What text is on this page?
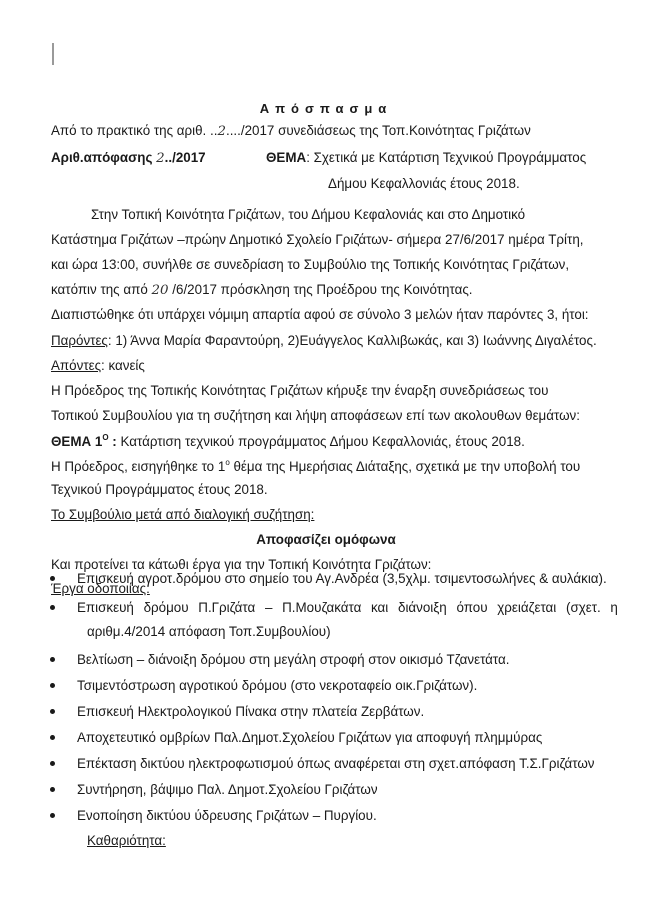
Απόσπασμα
Από το πρακτικό της αριθ. ..2..../2017 συνεδιάσεως της Τοπ.Κοινότητας Γριζάτων
Αριθ.απόφασης 2../2017	ΘΕΜΑ: Σχετικά με Κατάρτιση Τεχνικού Προγράμματος
Δήμου Κεφαλλονιάς έτους 2018.
Στην Τοπική Κοινότητα Γριζάτων, του Δήμου Κεφαλονιάς και στο Δημοτικό
Κατάστημα Γριζάτων –πρώην Δημοτικό Σχολείο Γριζάτων- σήμερα 27/6/2017 ημέρα Τρίτη,
και ώρα 13:00, συνήλθε σε συνεδρίαση το Συμβούλιο της Τοπικής Κοινότητας Γριζάτων,
κατόπιν της από 20 /6/2017 πρόσκληση της Προέδρου της Κοινότητας.
Διαπιστώθηκε ότι υπάρχει νόμιμη απαρτία αφού σε σύνολο 3 μελών ήταν παρόντες 3, ήτοι:
Παρόντες: 1) Άννα Μαρία Φαραντούρη, 2)Ευάγγελος Καλλιβωκάς, και 3) Ιωάννης Διγαλέτος.
Απόντες: κανείς
Η Πρόεδρος της Τοπικής Κοινότητας Γριζάτων κήρυξε την έναρξη συνεδριάσεως του
Τοπικού Συμβουλίου για τη συζήτηση και λήψη αποφάσεων επί των ακολουθων θεμάτων:
ΘΕΜΑ $1^O$ : Κατάρτιση τεχνικού προγράμματος Δήμου Κεφαλλονιάς, έτους 2018.
Η Πρόεδρος, εισηγήθηκε το $1^o$ θέμα της Ημερήσιας Διάταξης, σχετικά με την υποβολή του
Τεχνικού Προγράμματος έτους 2018.
Το Συμβούλιο μετά από διαλογική συζήτηση:
Αποφασίζει ομόφωνα
Και προτείνει τα κάτωθι έργα για την Τοπική Κοινότητα Γριζάτων:
Έργα οδοποιίας:
Επισκευή αγροτ.δρόμου στο σημείο του Αγ.Ανδρέα (3,5χλμ. τσιμεντοσωλήνες & αυλάκια).
Επισκευή δρόμου Π.Γριζάτα – Π.Μουζακάτα και διάνοιξη όπου χρειάζεται (σχετ. η
αριθμ.4/2014 απόφαση Τοπ.Συμβουλίου)
Βελτίωση – διάνοιξη δρόμου στη μεγάλη στροφή στον οικισμό Τζανετάτα.
Τσιμεντόστρωση αγροτικού δρόμου (στο νεκροταφείο οικ.Γριζάτων).
Επισκευή Ηλεκτρολογικού Πίνακα στην πλατεία Ζερβάτων.
Αποχετευτικό ομβρίων Παλ.Δημοτ.Σχολείου Γριζάτων για αποφυγή πλημμύρας
Επέκταση δικτύου ηλεκτροφωτισμού όπως αναφέρεται στη σχετ.απόφαση Τ.Σ.Γριζάτων
Συντήρηση, βάψιμο Παλ. Δημοτ.Σχολείου Γριζάτων
Ενοποίηση δικτύου ύδρευσης Γριζάτων – Πυργίου.
Καθαριότητα:
